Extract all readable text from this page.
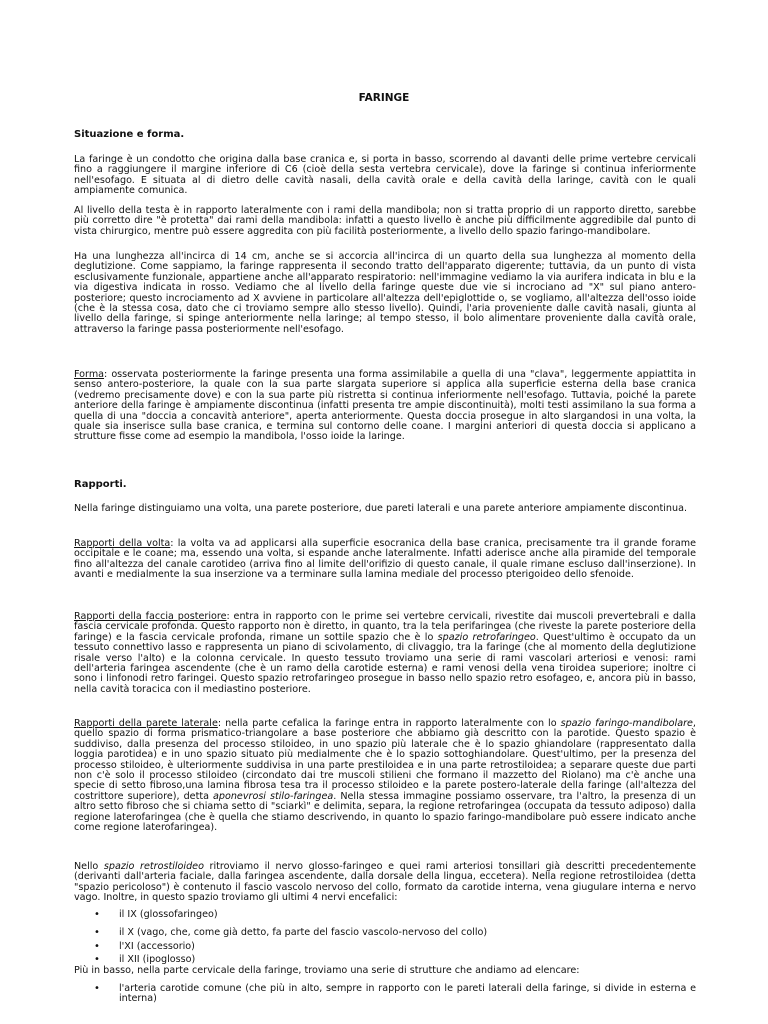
FARINGE
Situazione e forma.
La faringe è un condotto che origina dalla base cranica e, si porta in basso, scorrendo al davanti delle prime vertebre cervicali fino a raggiungere il margine inferiore di C6 (cioè della sesta vertebra cervicale), dove la faringe si continua inferiormente nell'esofago. E situata al di dietro delle cavità nasali, della cavità orale e della cavità della laringe, cavità con le quali ampiamente comunica.
Al livello della testa è in rapporto lateralmente con i rami della mandibola; non si tratta proprio di un rapporto diretto, sarebbe più corretto dire "è protetta" dai rami della mandibola: infatti a questo livello è anche più difficilmente aggredibile dal punto di vista chirurgico, mentre può essere aggredita con più facilità posteriormente, a livello dello spazio faringo-mandibolare.
Ha una lunghezza all'incirca di 14 cm, anche se si accorcia all'incirca di un quarto della sua lunghezza al momento della deglutizione. Come sappiamo, la faringe rappresenta il secondo tratto dell'apparato digerente; tuttavia, da un punto di vista esclusivamente funzionale, appartiene anche all'apparato respiratorio: nell'immagine vediamo la via aurifera indicata in blu e la via digestiva indicata in rosso. Vediamo che al livello della faringe queste due vie si incrociano ad "X" sul piano antero-posteriore; questo incrociamento ad X avviene in particolare all'altezza dell'epiglottide o, se vogliamo, all'altezza dell'osso ioide (che è la stessa cosa, dato che ci troviamo sempre allo stesso livello). Quindi, l'aria proveniente dalle cavità nasali, giunta al livello della faringe, si spinge anteriormente nella laringe; al tempo stesso, il bolo alimentare proveniente dalla cavità orale, attraverso la faringe passa posteriormente nell'esofago.
Forma: osservata posteriormente la faringe presenta una forma assimilabile a quella di una "clava", leggermente appiattita in senso antero-posteriore, la quale con la sua parte slargata superiore si applica alla superficie esterna della base cranica (vedremo precisamente dove) e con la sua parte più ristretta si continua inferiormente nell'esofago. Tuttavia, poiché la parete anteriore della faringe è ampiamente discontinua (infatti presenta tre ampie discontinuità), molti testi assimilano la sua forma a quella di una "doccia a concavità anteriore", aperta anteriormente. Questa doccia prosegue in alto slargandosi in una volta, la quale sia inserisce sulla base cranica, e termina sul contorno delle coane. I margini anteriori di questa doccia si applicano a strutture fisse come ad esempio la mandibola, l'osso ioide la laringe.
Rapporti.
Nella faringe distinguiamo una volta, una parete posteriore, due pareti laterali e una parete anteriore ampiamente discontinua.
Rapporti della volta: la volta va ad applicarsi alla superficie esocranica della base cranica, precisamente tra il grande forame occipitale e le coane; ma, essendo una volta, si espande anche lateralmente. Infatti aderisce anche alla piramide del temporale fino all'altezza del canale carotideo (arriva fino al limite dell'orifizio di questo canale, il quale rimane escluso dall'inserzione). In avanti e medialmente la sua inserzione va a terminare sulla lamina mediale del processo pterigoideo dello sfenoide.
Rapporti della faccia posteriore: entra in rapporto con le prime sei vertebre cervicali, rivestite dai muscoli prevertebrali e dalla fascia cervicale profonda. Questo rapporto non è diretto, in quanto, tra la tela perifaringea (che riveste la parete posteriore della faringe) e la fascia cervicale profonda, rimane un sottile spazio che è lo spazio retrofaringeo. Quest'ultimo è occupato da un tessuto connettivo lasso e rappresenta un piano di scivolamento, di clivaggio, tra la faringe (che al momento della deglutizione risale verso l'alto) e la colonna cervicale. In questo tessuto troviamo una serie di rami vascolari arteriosi e venosi: rami dell'arteria faringea ascendente (che è un ramo della carotide esterna) e rami venosi della vena tiroidea superiore; inoltre ci sono i linfonodi retro faringei. Questo spazio retrofaringeo prosegue in basso nello spazio retro esofageo, e, ancora più in basso, nella cavità toracica con il mediastino posteriore.
Rapporti della parete laterale: nella parte cefalica la faringe entra in rapporto lateralmente con lo spazio faringo-mandibolare, quello spazio di forma prismatico-triangolare a base posteriore che abbiamo già descritto con la parotide. Questo spazio è suddiviso, dalla presenza del processo stiloideo, in uno spazio più laterale che è lo spazio ghiandolare (rappresentato dalla loggia parotidea) e in uno spazio situato più medialmente che è lo spazio sottoghiandolare. Quest'ultimo, per la presenza del processo stiloideo, è ulteriormente suddivisa in una parte prestiloidea e in una parte retrostiloidea; a separare queste due parti non c'è solo il processo stiloideo (circondato dai tre muscoli stilieni che formano il mazzetto del Riolano) ma c'è anche una specie di setto fibroso,una lamina fibrosa tesa tra il processo stiloideo e la parete postero-laterale della faringe (all'altezza del costrittore superiore), detta aponevrosi stilo-faringea. Nella stessa immagine possiamo osservare, tra l'altro, la presenza di un altro setto fibroso che si chiama setto di "sciarkì" e delimita, separa, la regione retrofaringea (occupata da tessuto adiposo) dalla regione laterofaringea (che è quella che stiamo descrivendo, in quanto lo spazio faringo-mandibolare può essere indicato anche come regione laterofaringea).
Nello spazio retrostiloideo ritroviamo il nervo glosso-faringeo e quei rami arteriosi tonsillari già descritti precedentemente (derivanti dall'arteria faciale, dalla faringea ascendente, dalla dorsale della lingua, eccetera). Nella regione retrostiloidea (detta "spazio pericoloso") è contenuto il fascio vascolo nervoso del collo, formato da carotide interna, vena giugulare interna e nervo vago. Inoltre, in questo spazio troviamo gli ultimi 4 nervi encefalici:
• il IX (glossofaringeo)
• il X (vago, che, come già detto, fa parte del fascio vascolo-nervoso del collo)
• l'XI (accessorio)
• il XII (ipoglosso)
Più in basso, nella parte cervicale della faringe, troviamo una serie di strutture che andiamo ad elencare:
• l'arteria carotide comune (che più in alto, sempre in rapporto con le pareti laterali della faringe, si divide in esterna e interna)
